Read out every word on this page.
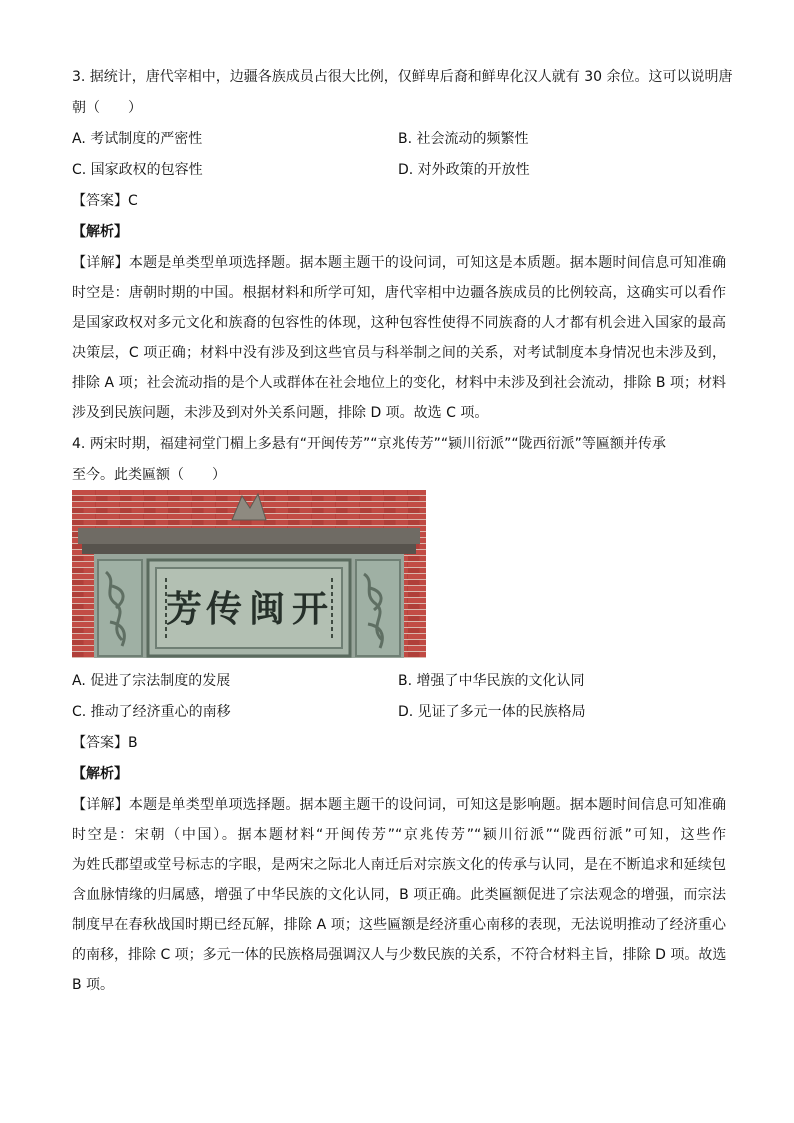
3. 据统计，唐代宰相中，边疆各族成员占很大比例，仅鲜卑后裔和鲜卑化汉人就有 30 余位。这可以说明唐
朝（　　）
A. 考试制度的严密性	B. 社会流动的频繁性
C. 国家政权的包容性	D. 对外政策的开放性
【答案】C
【解析】
【详解】本题是单类型单项选择题。据本题主题干的设问词，可知这是本质题。据本题时间信息可知准确
时空是：唐朝时期的中国。根据材料和所学可知，唐代宰相中边疆各族成员的比例较高，这确实可以看作
是国家政权对多元文化和族裔的包容性的体现，这种包容性使得不同族裔的人才都有机会进入国家的最高
决策层，C 项正确；材料中没有涉及到这些官员与科举制之间的关系，对考试制度本身情况也未涉及到，
排除 A 项；社会流动指的是个人或群体在社会地位上的变化，材料中未涉及到社会流动，排除 B 项；材料
涉及到民族问题，未涉及到对外关系问题，排除 D 项。故选 C 项。
4. 两宋时期，福建祠堂门楣上多悬有“开闽传芳”“京兆传芳”“颍川衍派”“陇西衍派”等匾额并传承
至今。此类匾额（　　）
开
闽
传
芳
A. 促进了宗法制度的发展	B. 增强了中华民族的文化认同
C. 推动了经济重心的南移	D. 见证了多元一体的民族格局
【答案】B
【解析】
【详解】本题是单类型单项选择题。据本题主题干的设问词，可知这是影响题。据本题时间信息可知准确
时空是：宋朝（中国）。据本题材料“开闽传芳”“京兆传芳”“颍川衍派”“陇西衍派”可知，这些作
为姓氏郡望或堂号标志的字眼，是两宋之际北人南迁后对宗族文化的传承与认同，是在不断追求和延续包
含血脉情缘的归属感，增强了中华民族的文化认同，B 项正确。此类匾额促进了宗法观念的增强，而宗法
制度早在春秋战国时期已经瓦解，排除 A 项；这些匾额是经济重心南移的表现，无法说明推动了经济重心
的南移，排除 C 项；多元一体的民族格局强调汉人与少数民族的关系，不符合材料主旨，排除 D 项。故选
B 项。
